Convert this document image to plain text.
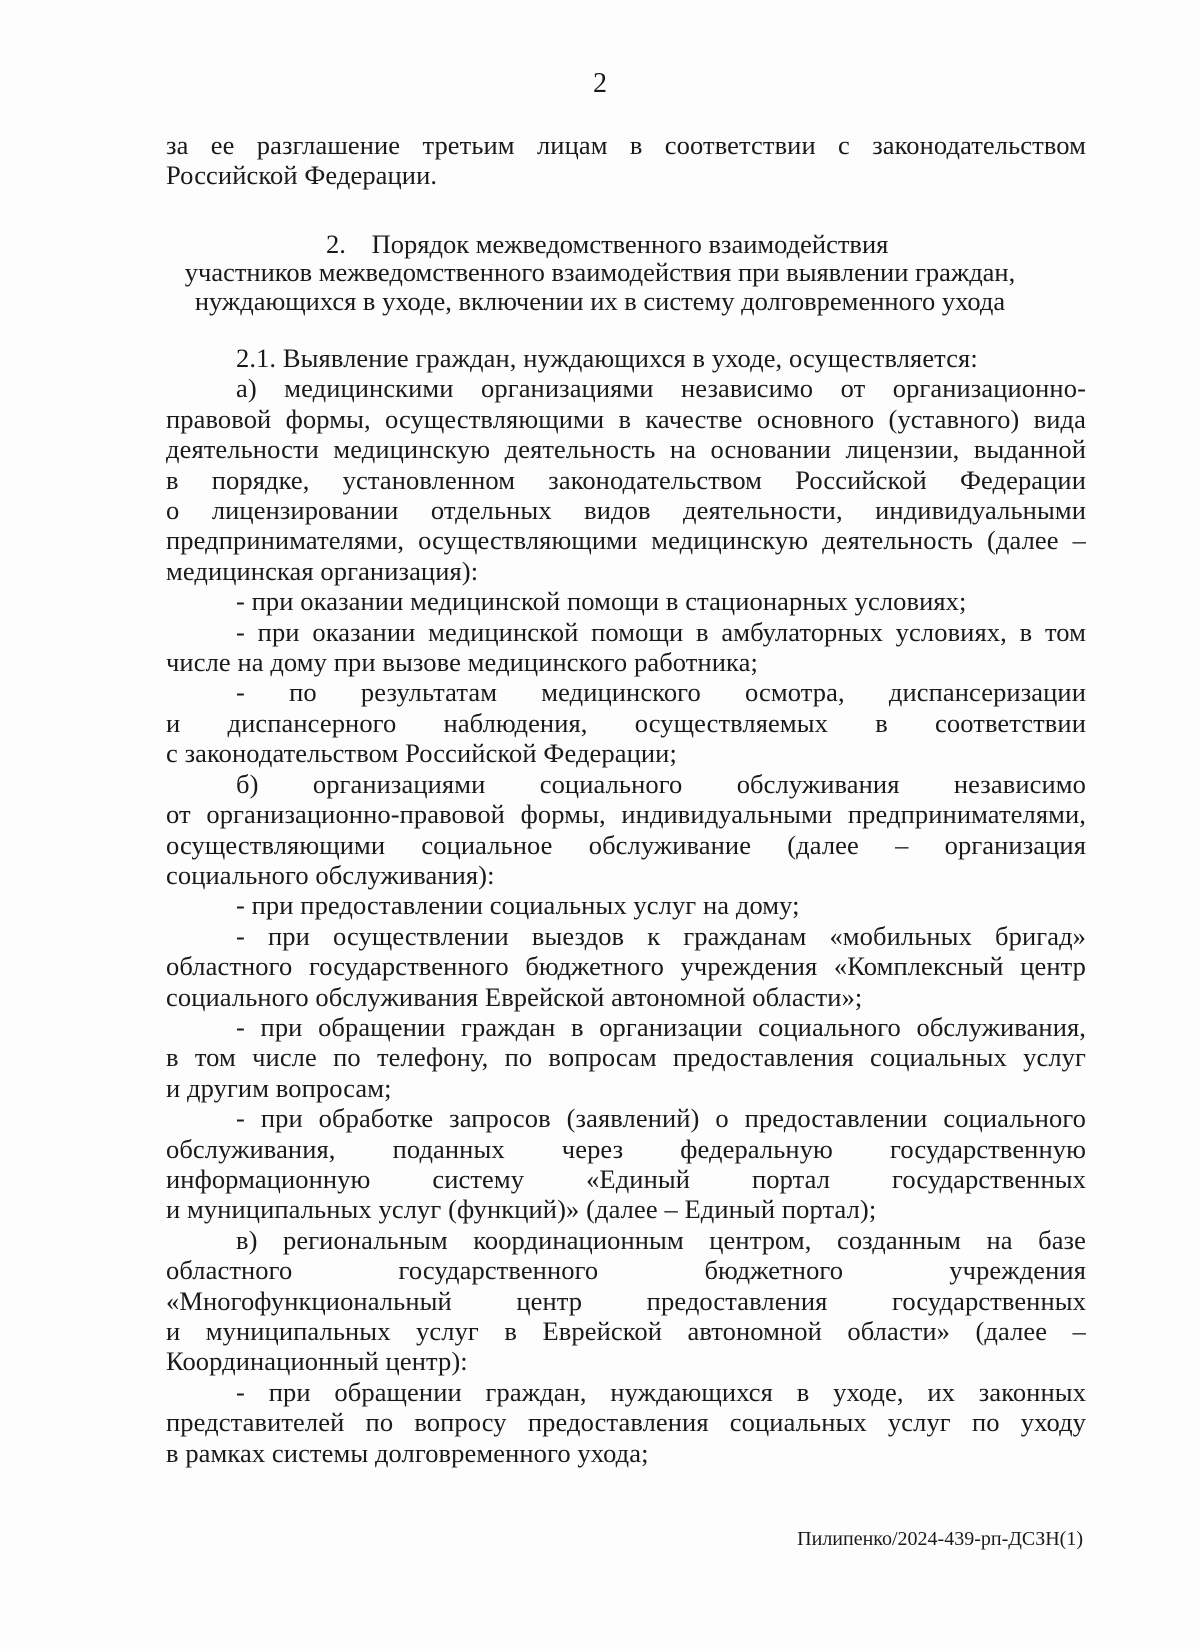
2
за ее разглашение третьим лицам в соответствии с законодательством
Российской Федерации.
2. Порядок межведомственного взаимодействия
участников межведомственного взаимодействия при выявлении граждан,
нуждающихся в уходе, включении их в систему долговременного ухода
2.1. Выявление граждан, нуждающихся в уходе, осуществляется:
а) медицинскими организациями независимо от организационно-
правовой формы, осуществляющими в качестве основного (уставного) вида
деятельности медицинскую деятельность на основании лицензии, выданной
в порядке, установленном законодательством Российской Федерации
о лицензировании отдельных видов деятельности, индивидуальными
предпринимателями, осуществляющими медицинскую деятельность (далее –
медицинская организация):
- при оказании медицинской помощи в стационарных условиях;
- при оказании медицинской помощи в амбулаторных условиях, в том
числе на дому при вызове медицинского работника;
- по результатам медицинского осмотра, диспансеризации
и диспансерного наблюдения, осуществляемых в соответствии
с законодательством Российской Федерации;
б) организациями социального обслуживания независимо
от организационно-правовой формы, индивидуальными предпринимателями,
осуществляющими социальное обслуживание (далее – организация
социального обслуживания):
- при предоставлении социальных услуг на дому;
- при осуществлении выездов к гражданам «мобильных бригад»
областного государственного бюджетного учреждения «Комплексный центр
социального обслуживания Еврейской автономной области»;
- при обращении граждан в организации социального обслуживания,
в том числе по телефону, по вопросам предоставления социальных услуг
и другим вопросам;
- при обработке запросов (заявлений) о предоставлении социального
обслуживания, поданных через федеральную государственную
информационную систему «Единый портал государственных
и муниципальных услуг (функций)» (далее – Единый портал);
в) региональным координационным центром, созданным на базе
областного государственного бюджетного учреждения
«Многофункциональный центр предоставления государственных
и муниципальных услуг в Еврейской автономной области» (далее –
Координационный центр):
- при обращении граждан, нуждающихся в уходе, их законных
представителей по вопросу предоставления социальных услуг по уходу
в рамках системы долговременного ухода;
Пилипенко/2024-439-рп-ДСЗН(1)
